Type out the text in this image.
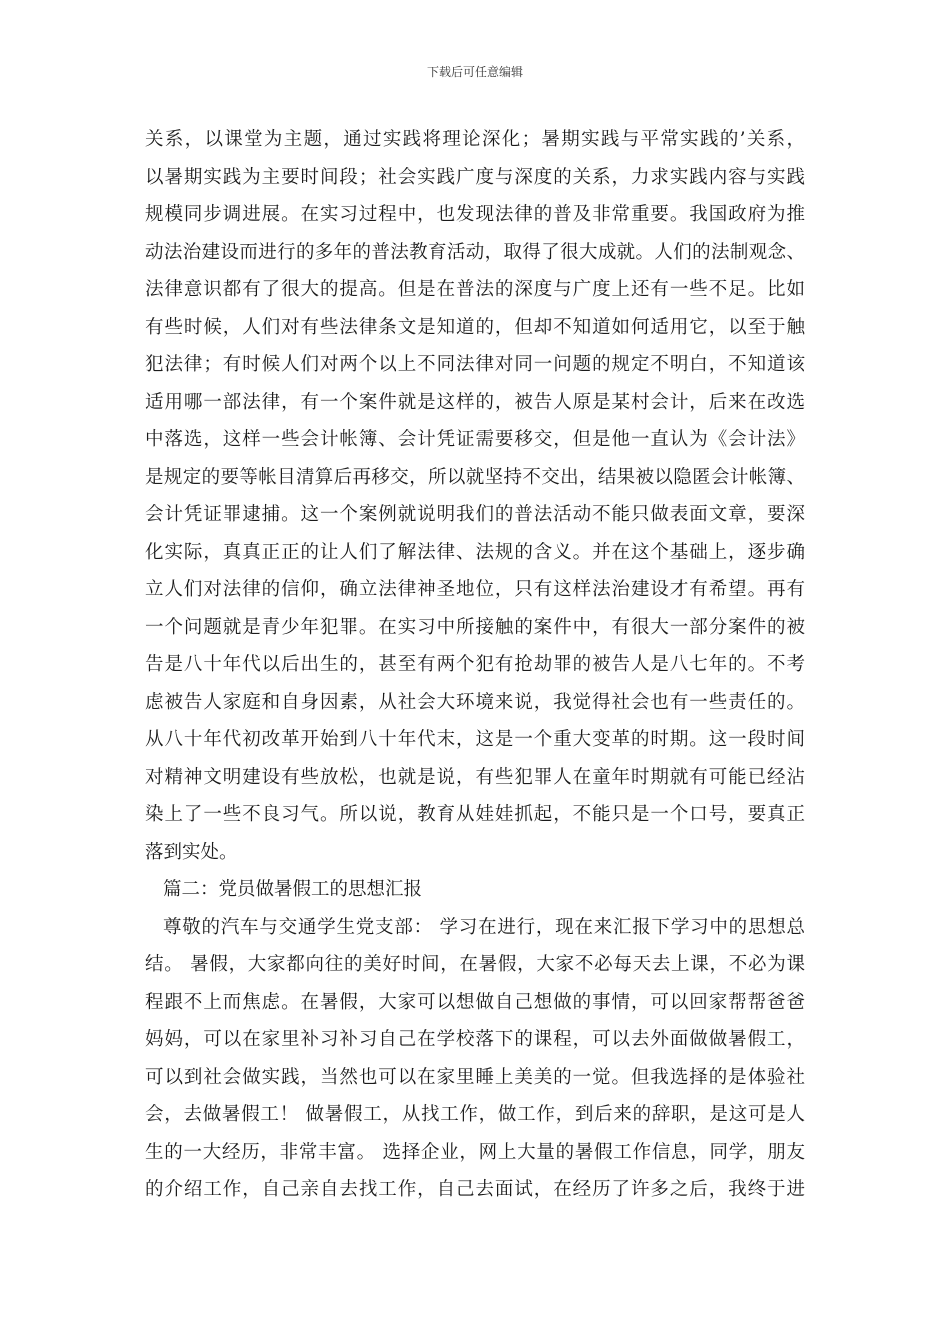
下载后可任意编辑
关系，以课堂为主题，通过实践将理论深化；暑期实践与平常实践的’关系，
以暑期实践为主要时间段；社会实践广度与深度的关系，力求实践内容与实践
规模同步调进展。在实习过程中，也发现法律的普及非常重要。我国政府为推
动法治建设而进行的多年的普法教育活动，取得了很大成就。人们的法制观念、
法律意识都有了很大的提高。但是在普法的深度与广度上还有一些不足。比如
有些时候，人们对有些法律条文是知道的，但却不知道如何适用它，以至于触
犯法律；有时候人们对两个以上不同法律对同一问题的规定不明白，不知道该
适用哪一部法律，有一个案件就是这样的，被告人原是某村会计，后来在改选
中落选，这样一些会计帐簿、会计凭证需要移交，但是他一直认为《会计法》
是规定的要等帐目清算后再移交，所以就坚持不交出，结果被以隐匿会计帐簿、
会计凭证罪逮捕。这一个案例就说明我们的普法活动不能只做表面文章，要深
化实际，真真正正的让人们了解法律、法规的含义。并在这个基础上，逐步确
立人们对法律的信仰，确立法律神圣地位，只有这样法治建设才有希望。再有
一个问题就是青少年犯罪。在实习中所接触的案件中，有很大一部分案件的被
告是八十年代以后出生的，甚至有两个犯有抢劫罪的被告人是八七年的。不考
虑被告人家庭和自身因素，从社会大环境来说，我觉得社会也有一些责任的。
从八十年代初改革开始到八十年代末，这是一个重大变革的时期。这一段时间
对精神文明建设有些放松，也就是说，有些犯罪人在童年时期就有可能已经沾
染上了一些不良习气。所以说，教育从娃娃抓起，不能只是一个口号，要真正
落到实处。
篇二：党员做暑假工的思想汇报
尊敬的汽车与交通学生党支部： 学习在进行，现在来汇报下学习中的思想总
结。 暑假，大家都向往的美好时间，在暑假，大家不必每天去上课，不必为课
程跟不上而焦虑。在暑假，大家可以想做自己想做的事情，可以回家帮帮爸爸
妈妈，可以在家里补习补习自己在学校落下的课程，可以去外面做做暑假工，
可以到社会做实践，当然也可以在家里睡上美美的一觉。但我选择的是体验社
会，去做暑假工！ 做暑假工，从找工作，做工作，到后来的辞职，是这可是人
生的一大经历，非常丰富。 选择企业，网上大量的暑假工作信息，同学，朋友
的介绍工作，自己亲自去找工作，自己去面试，在经历了许多之后，我终于进
